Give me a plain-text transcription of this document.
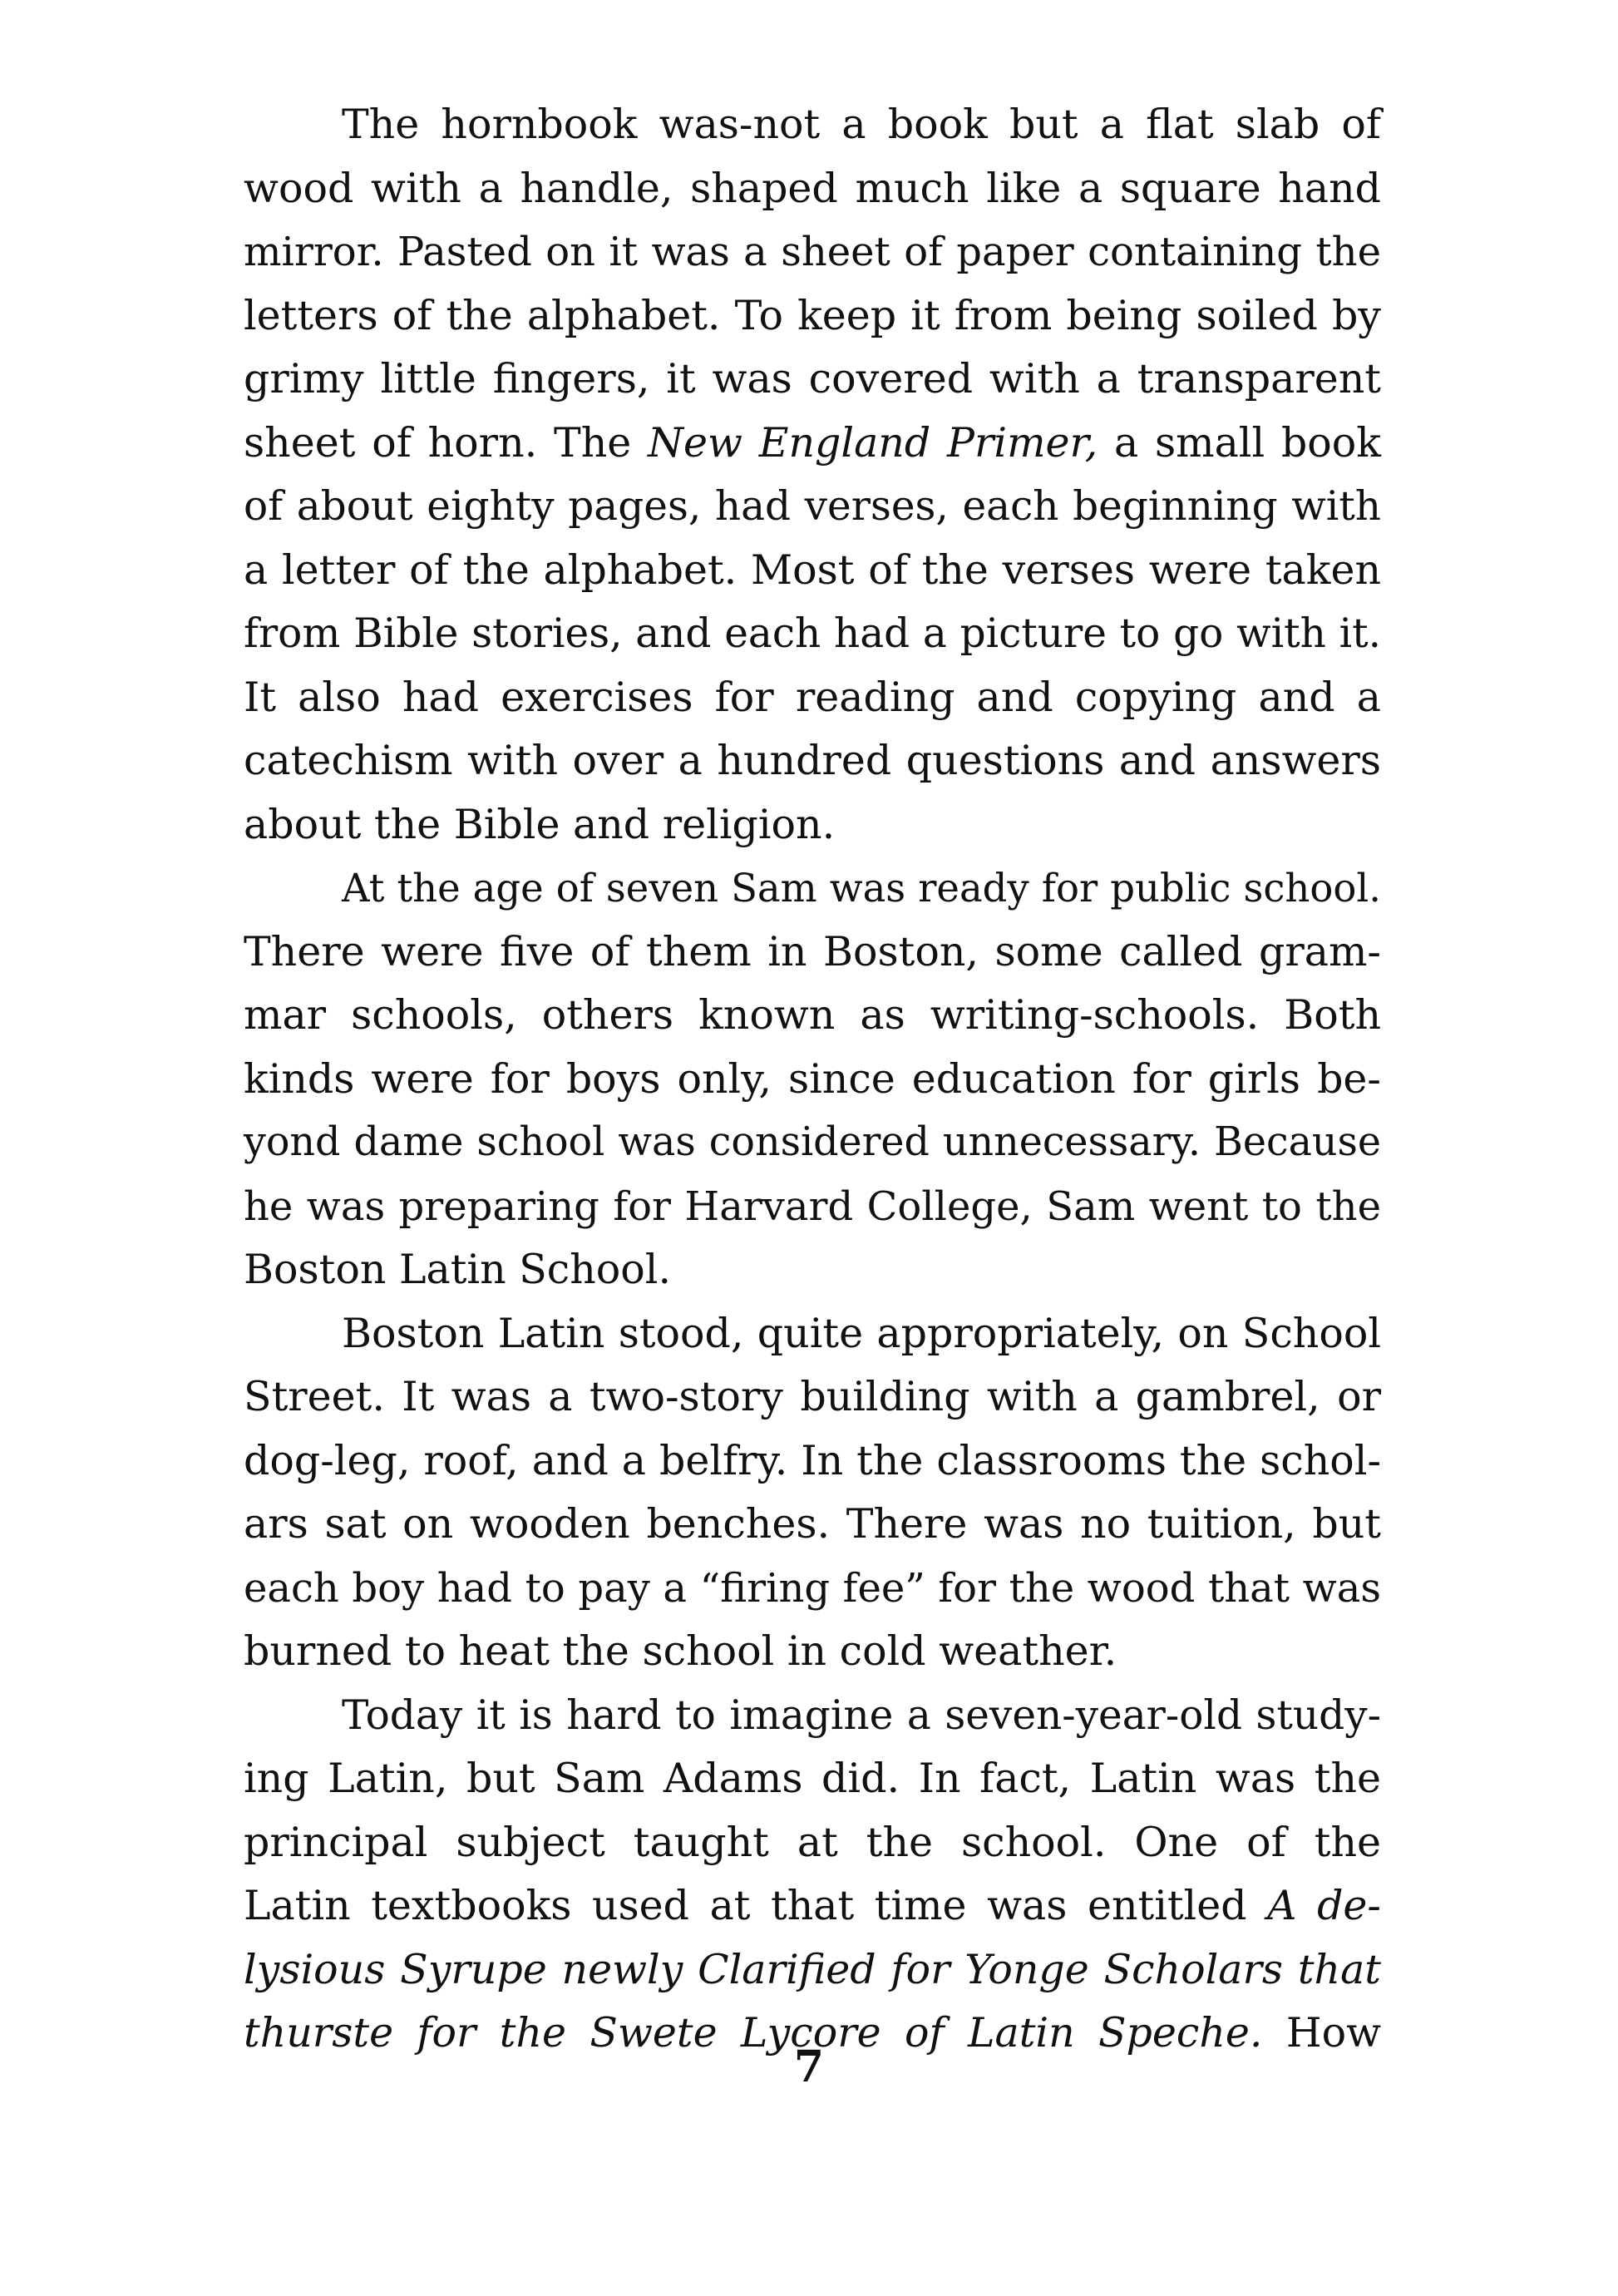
The hornbook was-not a book but a flat slab of
wood with a handle, shaped much like a square hand
mirror. Pasted on it was a sheet of paper containing the
letters of the alphabet. To keep it from being soiled by
grimy little fingers, it was covered with a transparent
sheet of horn. The New England Primer, a small book
of about eighty pages, had verses, each beginning with
a letter of the alphabet. Most of the verses were taken
from Bible stories, and each had a picture to go with it.
It also had exercises for reading and copying and a
catechism with over a hundred questions and answers
about the Bible and religion.
At the age of seven Sam was ready for public school.
There were five of them in Boston, some called gram-
mar schools, others known as writing-schools. Both
kinds were for boys only, since education for girls be-
yond dame school was considered unnecessary. Because
he was preparing for Harvard College, Sam went to the
Boston Latin School.
Boston Latin stood, quite appropriately, on School
Street. It was a two-story building with a gambrel, or
dog-leg, roof, and a belfry. In the classrooms the schol-
ars sat on wooden benches. There was no tuition, but
each boy had to pay a “firing fee” for the wood that was
burned to heat the school in cold weather.
Today it is hard to imagine a seven-year-old study-
ing Latin, but Sam Adams did. In fact, Latin was the
principal subject taught at the school. One of the
Latin textbooks used at that time was entitled A de-
lysious Syrupe newly Clarified for Yonge Scholars that
thurste for the Swete Lycore of Latin Speche. How
7
